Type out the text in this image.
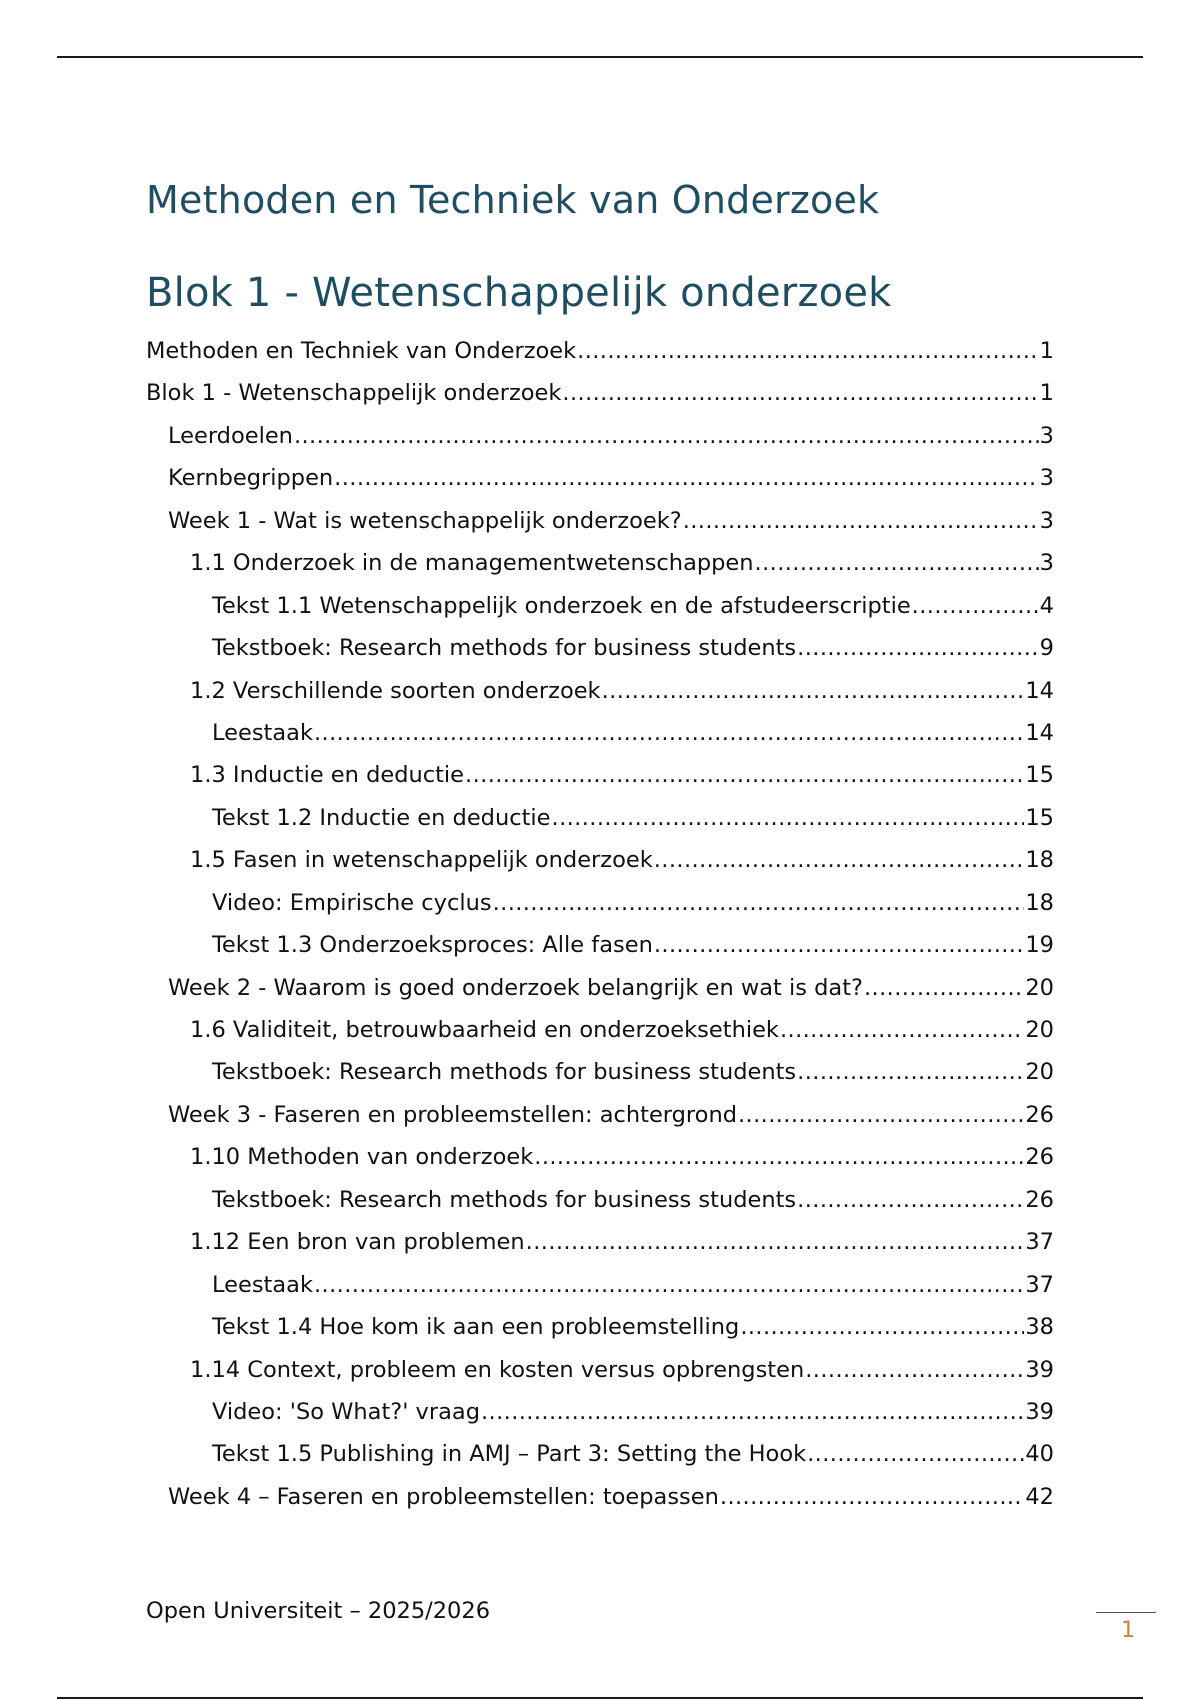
Methoden en Techniek van Onderzoek
Blok 1 - Wetenschappelijk onderzoek
Methoden en Techniek van Onderzoek .....	1
Blok 1 - Wetenschappelijk onderzoek .....	1
Leerdoelen .....	3
Kernbegrippen .....	3
Week 1 - Wat is wetenschappelijk onderzoek? .....	3
1.1 Onderzoek in de managementwetenschappen .....	3
Tekst 1.1 Wetenschappelijk onderzoek en de afstudeerscriptie .....	4
Tekstboek: Research methods for business students .....	9
1.2 Verschillende soorten onderzoek .....	14
Leestaak .....	14
1.3 Inductie en deductie .....	15
Tekst 1.2 Inductie en deductie .....	15
1.5 Fasen in wetenschappelijk onderzoek .....	18
Video: Empirische cyclus .....	18
Tekst 1.3 Onderzoeksproces: Alle fasen .....	19
Week 2 - Waarom is goed onderzoek belangrijk en wat is dat? .....	20
1.6 Validiteit, betrouwbaarheid en onderzoeksethiek .....	20
Tekstboek: Research methods for business students .....	20
Week 3 - Faseren en probleemstellen: achtergrond .....	26
1.10 Methoden van onderzoek .....	26
Tekstboek: Research methods for business students .....	26
1.12 Een bron van problemen .....	37
Leestaak .....	37
Tekst 1.4 Hoe kom ik aan een probleemstelling .....	38
1.14 Context, probleem en kosten versus opbrengsten .....	39
Video: 'So What?' vraag .....	39
Tekst 1.5 Publishing in AMJ – Part 3: Setting the Hook .....	40
Week 4 – Faseren en probleemstellen: toepassen .....	42
Open Universiteit – 2025/2026
1
